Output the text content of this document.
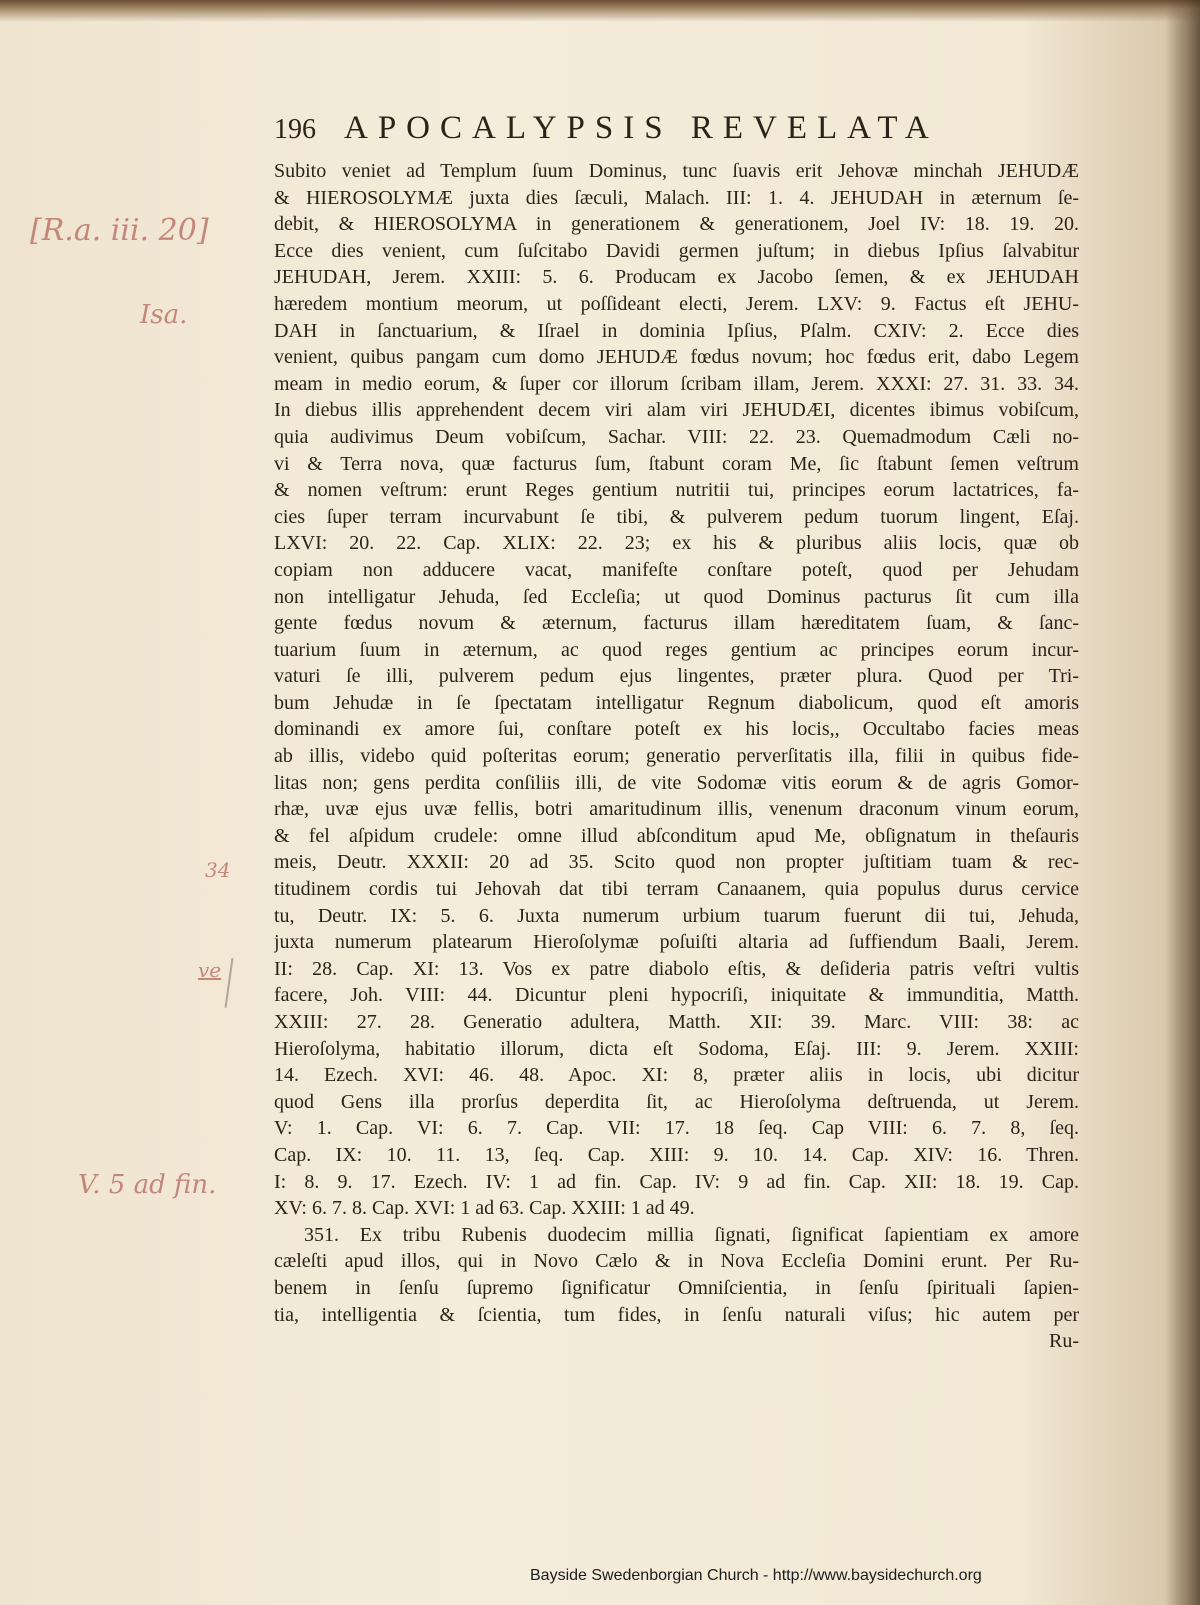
196 APOCALYPSIS REVELATA
Subito veniet ad Templum ſuum Dominus, tunc ſuavis erit Jehovæ minchah JEHUDÆ
& HIEROSOLYMÆ juxta dies ſæculi, Malach. III: 1. 4. JEHUDAH in æternum ſe-
debit, & HIEROSOLYMA in generationem & generationem, Joel IV: 18. 19. 20.
Ecce dies venient, cum ſuſcitabo Davidi germen juſtum; in diebus Ipſius ſalvabitur
JEHUDAH, Jerem. XXIII: 5. 6. Producam ex Jacobo ſemen, & ex JEHUDAH
hæredem montium meorum, ut poſſideant electi, Jerem. LXV: 9. Factus eſt JEHU-
DAH in ſanctuarium, & Iſrael in dominia Ipſius, Pſalm. CXIV: 2. Ecce dies
venient, quibus pangam cum domo JEHUDÆ fœdus novum; hoc fœdus erit, dabo Legem
meam in medio eorum, & ſuper cor illorum ſcribam illam, Jerem. XXXI: 27. 31. 33. 34.
In diebus illis apprehendent decem viri alam viri JEHUDÆI, dicentes ibimus vobiſcum,
quia audivimus Deum vobiſcum, Sachar. VIII: 22. 23. Quemadmodum Cæli no-
vi & Terra nova, quæ facturus ſum, ſtabunt coram Me, ſic ſtabunt ſemen veſtrum
& nomen veſtrum: erunt Reges gentium nutritii tui, principes eorum lactatrices, fa-
cies ſuper terram incurvabunt ſe tibi, & pulverem pedum tuorum lingent, Eſaj.
LXVI: 20. 22. Cap. XLIX: 22. 23; ex his & pluribus aliis locis, quæ ob
copiam non adducere vacat, manifeſte conſtare poteſt, quod per Jehudam
non intelligatur Jehuda, ſed Eccleſia; ut quod Dominus pacturus ſit cum illa
gente fœdus novum & æternum, facturus illam hæreditatem ſuam, & ſanc-
tuarium ſuum in æternum, ac quod reges gentium ac principes eorum incur-
vaturi ſe illi, pulverem pedum ejus lingentes, præter plura. Quod per Tri-
bum Jehudæ in ſe ſpectatam intelligatur Regnum diabolicum, quod eſt amoris
dominandi ex amore ſui, conſtare poteſt ex his locis,, Occultabo facies meas
ab illis, videbo quid poſteritas eorum; generatio perverſitatis illa, filii in quibus fide-
litas non; gens perdita conſiliis illi, de vite Sodomæ vitis eorum & de agris Gomor-
rhæ, uvæ ejus uvæ fellis, botri amaritudinum illis, venenum draconum vinum eorum,
& fel aſpidum crudele: omne illud abſconditum apud Me, obſignatum in theſauris
meis, Deutr. XXXII: 20 ad 35. Scito quod non propter juſtitiam tuam & rec-
titudinem cordis tui Jehovah dat tibi terram Canaanem, quia populus durus cervice
tu, Deutr. IX: 5. 6. Juxta numerum urbium tuarum fuerunt dii tui, Jehuda,
juxta numerum platearum Hieroſolymæ poſuiſti altaria ad ſuffiendum Baali, Jerem.
II: 28. Cap. XI: 13. Vos ex patre diabolo eſtis, & deſideria patris veſtri vultis
facere, Joh. VIII: 44. Dicuntur pleni hypocriſi, iniquitate & immunditia, Matth.
XXIII: 27. 28. Generatio adultera, Matth. XII: 39. Marc. VIII: 38: ac
Hieroſolyma, habitatio illorum, dicta eſt Sodoma, Eſaj. III: 9. Jerem. XXIII:
14. Ezech. XVI: 46. 48. Apoc. XI: 8, præter aliis in locis, ubi dicitur
quod Gens illa prorſus deperdita ſit, ac Hieroſolyma deſtruenda, ut Jerem.
V: 1. Cap. VI: 6. 7. Cap. VII: 17. 18 ſeq. Cap VIII: 6. 7. 8, ſeq.
Cap. IX: 10. 11. 13, ſeq. Cap. XIII: 9. 10. 14. Cap. XIV: 16. Thren.
I: 8. 9. 17. Ezech. IV: 1 ad fin. Cap. IV: 9 ad fin. Cap. XII: 18. 19. Cap.
XV: 6. 7. 8. Cap. XVI: 1 ad 63. Cap. XXIII: 1 ad 49.
351. Ex tribu Rubenis duodecim millia ſignati, ſignificat ſapientiam ex amore
cæleſti apud illos, qui in Novo Cælo & in Nova Eccleſia Domini erunt. Per Ru-
benem in ſenſu ſupremo ſignificatur Omniſcientia, in ſenſu ſpirituali ſapien-
tia, intelligentia & ſcientia, tum fides, in ſenſu naturali viſus; hic autem per
Ru-
[R.a. iii. 20]
Isa.
34
ve
V. 5 ad fin.
Bayside Swedenborgian Church - http://www.baysidechurch.org
